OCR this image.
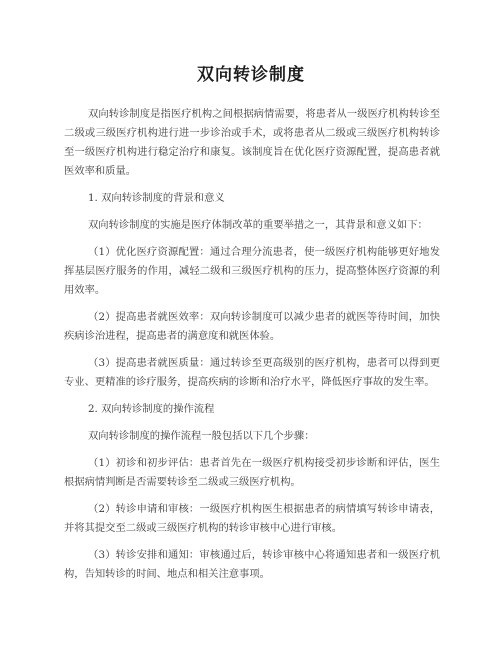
双向转诊制度

双向转诊制度是指医疗机构之间根据病情需要，将患者从一级医疗机构转诊至二级或三级医疗机构进行进一步诊治或手术，或将患者从二级或三级医疗机构转诊至一级医疗机构进行稳定治疗和康复。该制度旨在优化医疗资源配置，提高患者就医效率和质量。

1. 双向转诊制度的背景和意义

双向转诊制度的实施是医疗体制改革的重要举措之一，其背景和意义如下：

（1）优化医疗资源配置：通过合理分流患者，使一级医疗机构能够更好地发挥基层医疗服务的作用，减轻二级和三级医疗机构的压力，提高整体医疗资源的利用效率。

（2）提高患者就医效率：双向转诊制度可以减少患者的就医等待时间，加快疾病诊治进程，提高患者的满意度和就医体验。

（3）提高患者就医质量：通过转诊至更高级别的医疗机构，患者可以得到更专业、更精准的诊疗服务，提高疾病的诊断和治疗水平，降低医疗事故的发生率。

2. 双向转诊制度的操作流程

双向转诊制度的操作流程一般包括以下几个步骤：

（1）初诊和初步评估：患者首先在一级医疗机构接受初步诊断和评估，医生根据病情判断是否需要转诊至二级或三级医疗机构。

（2）转诊申请和审核：一级医疗机构医生根据患者的病情填写转诊申请表，并将其提交至二级或三级医疗机构的转诊审核中心进行审核。

（3）转诊安排和通知：审核通过后，转诊审核中心将通知患者和一级医疗机构，告知转诊的时间、地点和相关注意事项。
